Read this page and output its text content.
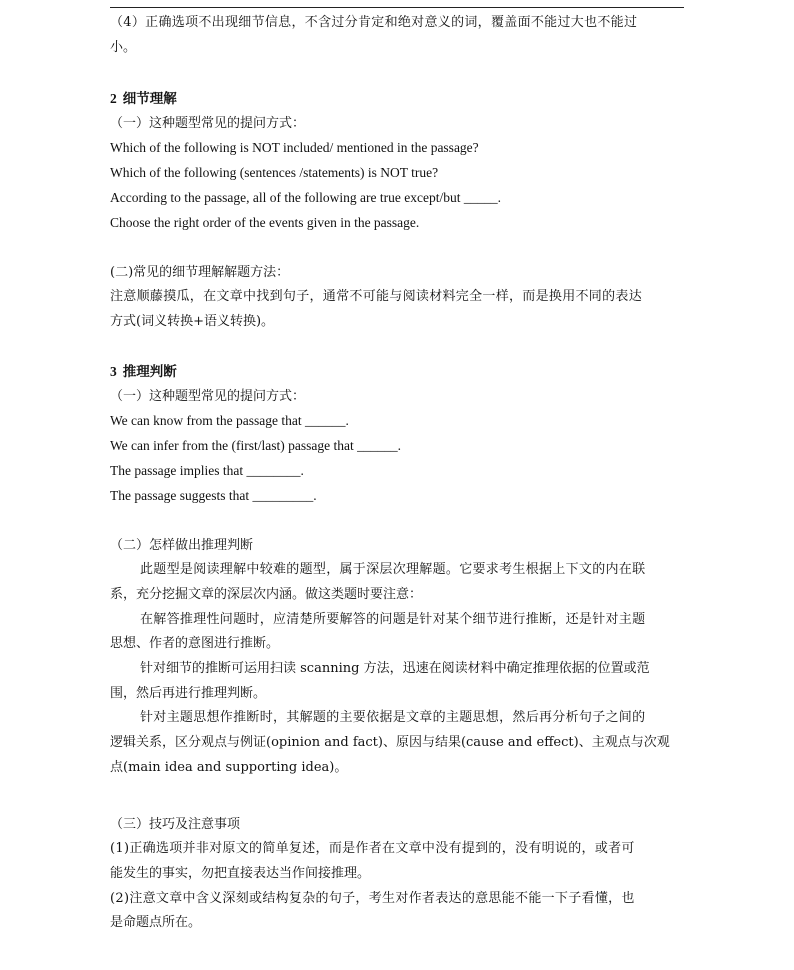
（4）正确选项不出现细节信息，不含过分肯定和绝对意义的词，覆盖面不能过大也不能过
小。
2 细节理解
（一）这种题型常见的提问方式：
Which of the following is NOT included/ mentioned in the passage?
Which of the following (sentences /statements) is NOT true?
According to the passage, all of the following are true except/but _____.
Choose the right order of the events given in the passage.
(二)常见的细节理解解题方法：
注意顺藤摸瓜，在文章中找到句子，通常不可能与阅读材料完全一样，而是换用不同的表达
方式(词义转换+语义转换)。
3 推理判断
（一）这种题型常见的提问方式：
We can know from the passage that ______.
We can infer from the (first/last) passage that ______.
The passage implies that ________.
The passage suggests that _________.
（二）怎样做出推理判断
此题型是阅读理解中较难的题型，属于深层次理解题。它要求考生根据上下文的内在联
系，充分挖掘文章的深层次内涵。做这类题时要注意：
在解答推理性问题时，应清楚所要解答的问题是针对某个细节进行推断，还是针对主题
思想、作者的意图进行推断。
针对细节的推断可运用扫读 scanning 方法，迅速在阅读材料中确定推理依据的位置或范
围，然后再进行推理判断。
针对主题思想作推断时，其解题的主要依据是文章的主题思想，然后再分析句子之间的
逻辑关系，区分观点与例证(opinion and fact)、原因与结果(cause and effect)、主观点与次观
点(main idea and supporting idea)。
（三）技巧及注意事项
(1)正确选项并非对原文的简单复述，而是作者在文章中没有提到的，没有明说的，或者可
能发生的事实，勿把直接表达当作间接推理。
(2)注意文章中含义深刻或结构复杂的句子，考生对作者表达的意思能不能一下子看懂，也
是命题点所在。
